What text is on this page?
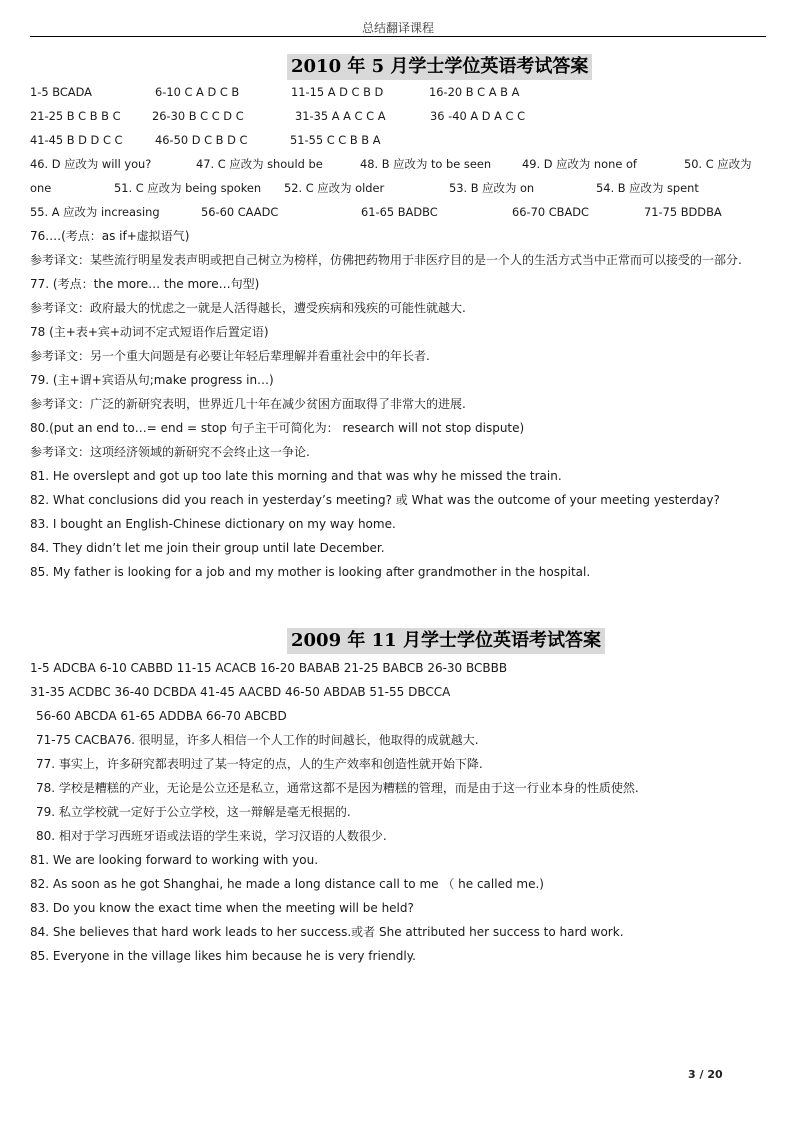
总结翻译课程
2010 年 5 月学士学位英语考试答案
1-5 BCADA	6-10 C A D C B	11-15 A D C B D	16-20 B C A B A
21-25 B C B B C	26-30 B C C D C	31-35 A A C C A	36 -40 A D A C C
41-45 B D D C C	46-50 D C B D C	51-55 C C B B A
46. D 应改为 will you?	47. C 应改为 should be	48. B 应改为 to be seen	49. D 应改为 none of	50. C 应改为
one	51. C 应改为 being spoken 52. C 应改为 older	53. B 应改为 on	54. B 应改为 spent
55. A 应改为 increasing	56-60 CAADC	61-65 BADBC	66-70 CBADC	71-75 BDDBA
76.…(考点：as if+虚拟语气)
参考译文：某些流行明星发表声明或把自己树立为榜样，仿佛把药物用于非医疗目的是一个人的生活方式当中正常而可以接受的一部分.
77. (考点：the more… the more…句型)
参考译文：政府最大的忧虑之一就是人活得越长，遭受疾病和残疾的可能性就越大.
78 (主+表+宾+动词不定式短语作后置定语)
参考译文：另一个重大问题是有必要让年轻后辈理解并看重社会中的年长者.
79. (主+谓+宾语从句;make progress in…)
参考译文：广泛的新研究表明，世界近几十年在减少贫困方面取得了非常大的进展.
80.(put an end to…= end = stop 句子主干可简化为： research will not stop dispute)
参考译文：这项经济领域的新研究不会终止这一争论.
81. He overslept and got up too late this morning and that was why he missed the train.
82. What conclusions did you reach in yesterday’s meeting? 或 What was the outcome of your meeting yesterday?
83. I bought an English-Chinese dictionary on my way home.
84. They didn’t let me join their group until late December.
85. My father is looking for a job and my mother is looking after grandmother in the hospital.
2009 年 11 月学士学位英语考试答案
1-5 ADCBA 6-10 CABBD 11-15 ACACB 16-20 BABAB 21-25 BABCB 26-30 BCBBB
31-35 ACDBC 36-40 DCBDA 41-45 AACBD 46-50 ABDAB 51-55 DBCCA
56-60 ABCDA 61-65 ADDBA 66-70 ABCBD
71-75 CACBA76. 很明显，许多人相信一个人工作的时间越长，他取得的成就越大.
77. 事实上，许多研究都表明过了某一特定的点，人的生产效率和创造性就开始下降.
78. 学校是糟糕的产业，无论是公立还是私立，通常这都不是因为糟糕的管理，而是由于这一行业本身的性质使然.
79. 私立学校就一定好于公立学校，这一辩解是毫无根据的.
80. 相对于学习西班牙语或法语的学生来说，学习汉语的人数很少.
81. We are looking forward to working with you.
82. As soon as he got Shanghai, he made a long distance call to me （ he called me.)
83. Do you know the exact time when the meeting will be held?
84. She believes that hard work leads to her success.或者 She attributed her success to hard work.
85. Everyone in the village likes him because he is very friendly.
3 / 20
